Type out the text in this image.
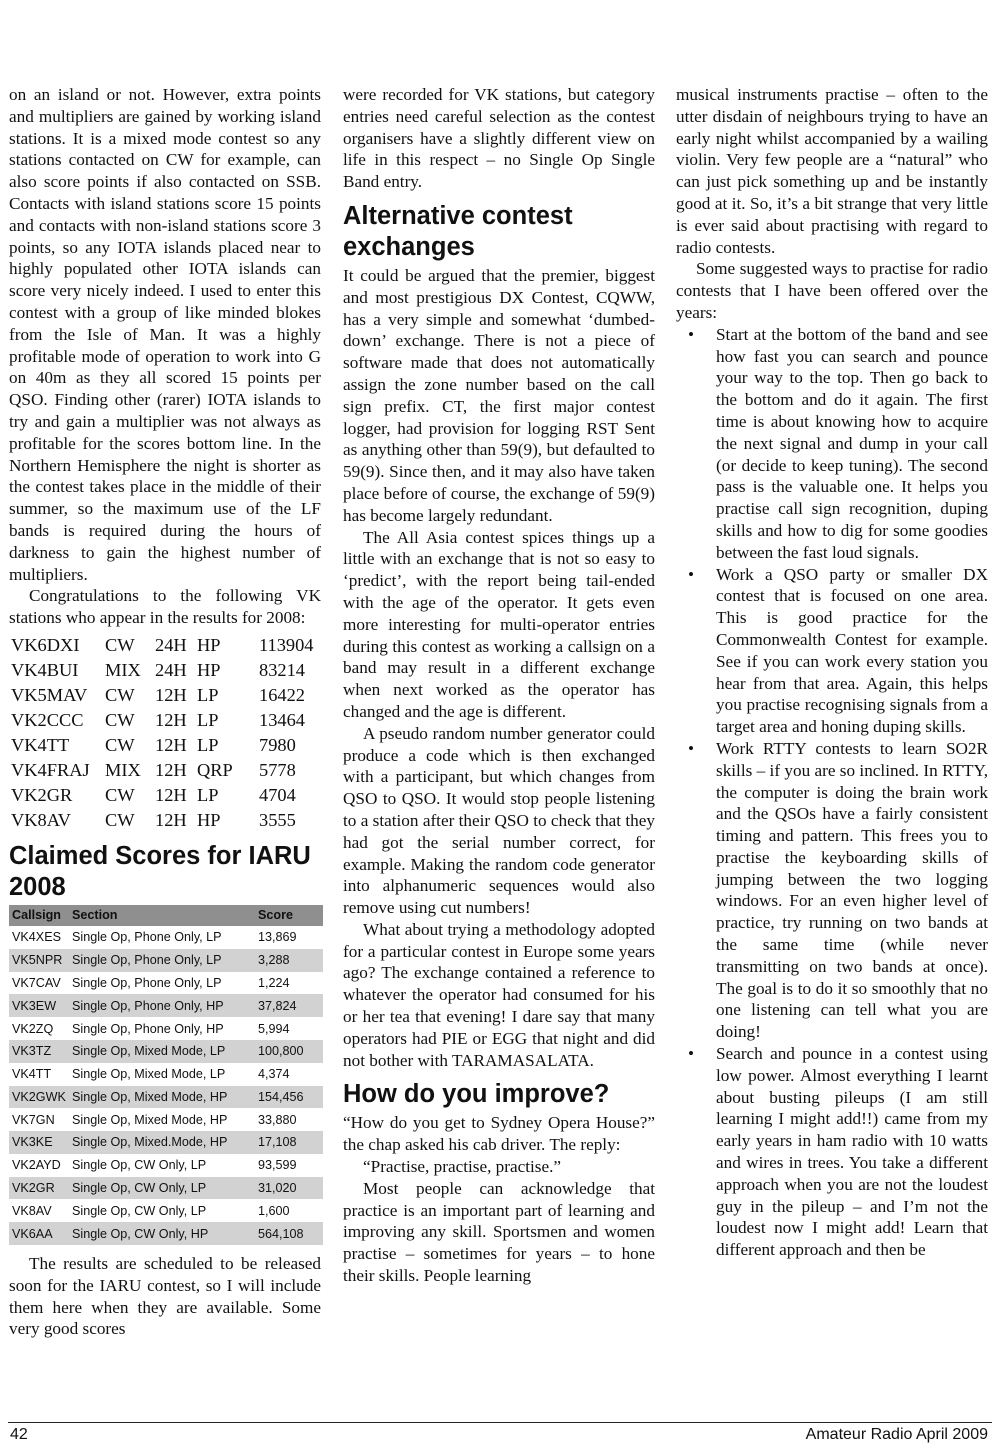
on an island or not. However, extra points and multipliers are gained by working island stations. It is a mixed mode contest so any stations contacted on CW for example, can also score points if also contacted on SSB. Contacts with island stations score 15 points and contacts with non-island stations score 3 points, so any IOTA islands placed near to highly populated other IOTA islands can score very nicely indeed. I used to enter this contest with a group of like minded blokes from the Isle of Man. It was a highly profitable mode of operation to work into G on 40m as they all scored 15 points per QSO. Finding other (rarer) IOTA islands to try and gain a multiplier was not always as profitable for the scores bottom line. In the Northern Hemisphere the night is shorter as the contest takes place in the middle of their summer, so the maximum use of the LF bands is required during the hours of darkness to gain the highest number of multipliers.

Congratulations to the following VK stations who appear in the results for 2008:

VK6DXI	CW	24H HP	113904
VK4BUI	MIX 24H HP	83214
VK5MAV CW	12H LP	16422
VK2CCC	CW	12H LP	13464
VK4TT	CW	12H LP	7980
VK4FRAJ MIX 12H QRP	5778
VK2GR	CW	12H LP	4704
VK8AV	CW	12H HP	3555
Claimed Scores for IARU 2008
Callsign	Section	Score
VK4XES	Single Op, Phone Only, LP	13,869
VK5NPR	Single Op, Phone Only, LP	3,288
VK7CAV	Single Op, Phone Only, LP	1,224
VK3EW	Single Op, Phone Only, HP	37,824
VK2ZQ	Single Op, Phone Only, HP	5,994
VK3TZ	Single Op, Mixed Mode, LP	100,800
VK4TT	Single Op, Mixed Mode, LP	4,374
VK2GWK	Single Op, Mixed Mode, HP	154,456
VK7GN	Single Op, Mixed Mode, HP	33,880
VK3KE	Single Op, Mixed.Mode, HP	17,108
VK2AYD	Single Op, CW Only, LP	93,599
VK2GR	Single Op, CW Only, LP	31,020
VK8AV	Single Op, CW Only, LP	1,600
VK6AA	Single Op, CW Only, HP	564,108

The results are scheduled to be released soon for the IARU contest, so I will include them here when they are available. Some very good scores

were recorded for VK stations, but category entries need careful selection as the contest organisers have a slightly different view on life in this respect – no Single Op Single Band entry.

Alternative contest exchanges

It could be argued that the premier, biggest and most prestigious DX Contest, CQWW, has a very simple and somewhat ‘dumbed-down’ exchange. There is not a piece of software made that does not automatically assign the zone number based on the call sign prefix. CT, the first major contest logger, had provision for logging RST Sent as anything other than 59(9), but defaulted to 59(9). Since then, and it may also have taken place before of course, the exchange of 59(9) has become largely redundant.

The All Asia contest spices things up a little with an exchange that is not so easy to ‘predict’, with the report being tail-ended with the age of the operator. It gets even more interesting for multi-operator entries during this contest as working a callsign on a band may result in a different exchange when next worked as the operator has changed and the age is different.

A pseudo random number generator could produce a code which is then exchanged with a participant, but which changes from QSO to QSO. It would stop people listening to a station after their QSO to check that they had got the serial number correct, for example. Making the random code generator into alphanumeric sequences would also remove using cut numbers!

What about trying a methodology adopted for a particular contest in Europe some years ago? The exchange contained a reference to whatever the operator had consumed for his or her tea that evening! I dare say that many operators had PIE or EGG that night and did not bother with TARAMASALATA.

How do you improve?

“How do you get to Sydney Opera House?” the chap asked his cab driver. The reply:

“Practise, practise, practise.”

Most people can acknowledge that practice is an important part of learning and improving any skill. Sportsmen and women practise – sometimes for years – to hone their skills. People learning

musical instruments practise – often to the utter disdain of neighbours trying to have an early night whilst accompanied by a wailing violin. Very few people are a “natural” who can just pick something up and be instantly good at it. So, it’s a bit strange that very little is ever said about practising with regard to radio contests.

Some suggested ways to practise for radio contests that I have been offered over the years:

• Start at the bottom of the band and see how fast you can search and pounce your way to the top. Then go back to the bottom and do it again. The first time is about knowing how to acquire the next signal and dump in your call (or decide to keep tuning). The second pass is the valuable one. It helps you practise call sign recognition, duping skills and how to dig for some goodies between the fast loud signals.
• Work a QSO party or smaller DX contest that is focused on one area. This is good practice for the Commonwealth Contest for example. See if you can work every station you hear from that area. Again, this helps you practise recognising signals from a target area and honing duping skills.
• Work RTTY contests to learn SO2R skills – if you are so inclined. In RTTY, the computer is doing the brain work and the QSOs have a fairly consistent timing and pattern. This frees you to practise the keyboarding skills of jumping between the two logging windows. For an even higher level of practice, try running on two bands at the same time (while never transmitting on two bands at once). The goal is to do it so smoothly that no one listening can tell what you are doing!
• Search and pounce in a contest using low power. Almost everything I learnt about busting pileups (I am still learning I might add!!) came from my early years in ham radio with 10 watts and wires in trees. You take a different approach when you are not the loudest guy in the pileup – and I’m not the loudest now I might add! Learn that different approach and then be
42	Amateur Radio April 2009
